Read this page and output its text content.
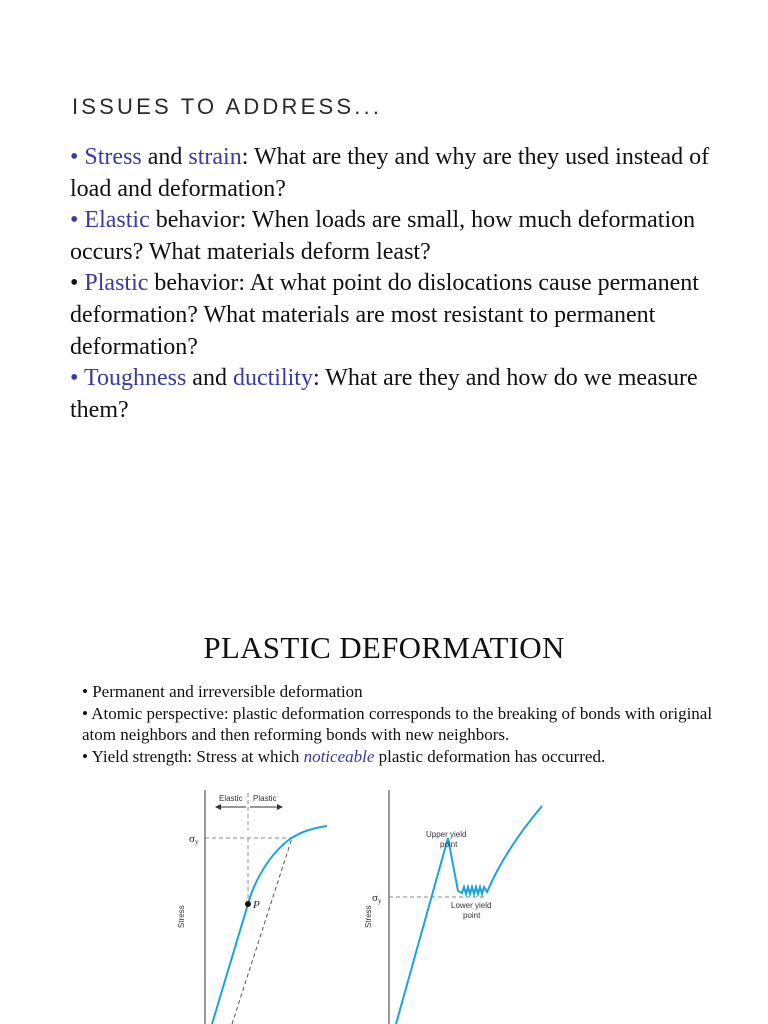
ISSUES TO ADDRESS...

• Stress and strain: What are they and why are they used instead of load and deformation?

• Elastic behavior: When loads are small, how much deformation occurs? What materials deform least?

• Plastic behavior: At what point do dislocations cause permanent deformation? What materials are most resistant to permanent deformation?

• Toughness and ductility: What are they and how do we measure them?

PLASTIC DEFORMATION

• Permanent and irreversible deformation

• Atomic perspective: plastic deformation corresponds to the breaking of bonds with original atom neighbors and then reforming bonds with new neighbors.

• Yield strength: Stress at which noticeable plastic deformation has occurred.

Elastic Plastic
σy
P
Stress
σy
Upper yield
point
Lower yield
point
Stress
